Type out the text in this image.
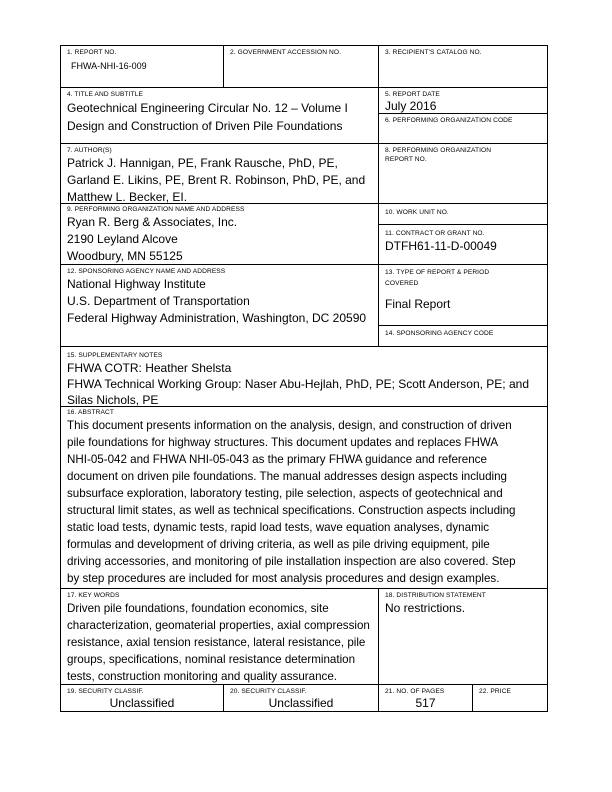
1. REPORT NO.
FHWA-NHI-16-009
2. GOVERNMENT ACCESSION NO.	3. RECIPIENT'S CATALOG NO.
4. TITLE AND SUBTITLE
Geotechnical Engineering Circular No. 12 – Volume I
Design and Construction of Driven Pile Foundations
5. REPORT DATE
July 2016
6. PERFORMING ORGANIZATION CODE
7. AUTHOR(S)
Patrick J. Hannigan, PE, Frank Rausche, PhD, PE,
Garland E. Likins, PE, Brent R. Robinson, PhD, PE, and
Matthew L. Becker, EI.
8. PERFORMING ORGANIZATION
REPORT NO.
9. PERFORMING ORGANIZATION NAME AND ADDRESS
Ryan R. Berg & Associates, Inc.
2190 Leyland Alcove
Woodbury, MN 55125
10. WORK UNIT NO.
11. CONTRACT OR GRANT NO.
DTFH61-11-D-00049
12. SPONSORING AGENCY NAME AND ADDRESS
National Highway Institute
U.S. Department of Transportation
Federal Highway Administration, Washington, DC 20590
13. TYPE OF REPORT & PERIOD
COVERED
Final Report
14. SPONSORING AGENCY CODE
15. SUPPLEMENTARY NOTES
FHWA COTR: Heather Shelsta
FHWA Technical Working Group: Naser Abu-Hejlah, PhD, PE; Scott Anderson, PE; and
Silas Nichols, PE
16. ABSTRACT
This document presents information on the analysis, design, and construction of driven
pile foundations for highway structures. This document updates and replaces FHWA
NHI-05-042 and FHWA NHI-05-043 as the primary FHWA guidance and reference
document on driven pile foundations. The manual addresses design aspects including
subsurface exploration, laboratory testing, pile selection, aspects of geotechnical and
structural limit states, as well as technical specifications. Construction aspects including
static load tests, dynamic tests, rapid load tests, wave equation analyses, dynamic
formulas and development of driving criteria, as well as pile driving equipment, pile
driving accessories, and monitoring of pile installation inspection are also covered. Step
by step procedures are included for most analysis procedures and design examples.
17. KEY WORDS
Driven pile foundations, foundation economics, site
characterization, geomaterial properties, axial compression
resistance, axial tension resistance, lateral resistance, pile
groups, specifications, nominal resistance determination
tests, construction monitoring and quality assurance.
18. DISTRIBUTION STATEMENT
No restrictions.
19. SECURITY CLASSIF.
Unclassified
20. SECURITY CLASSIF.
Unclassified
21. NO. OF PAGES
517
22. PRICE
